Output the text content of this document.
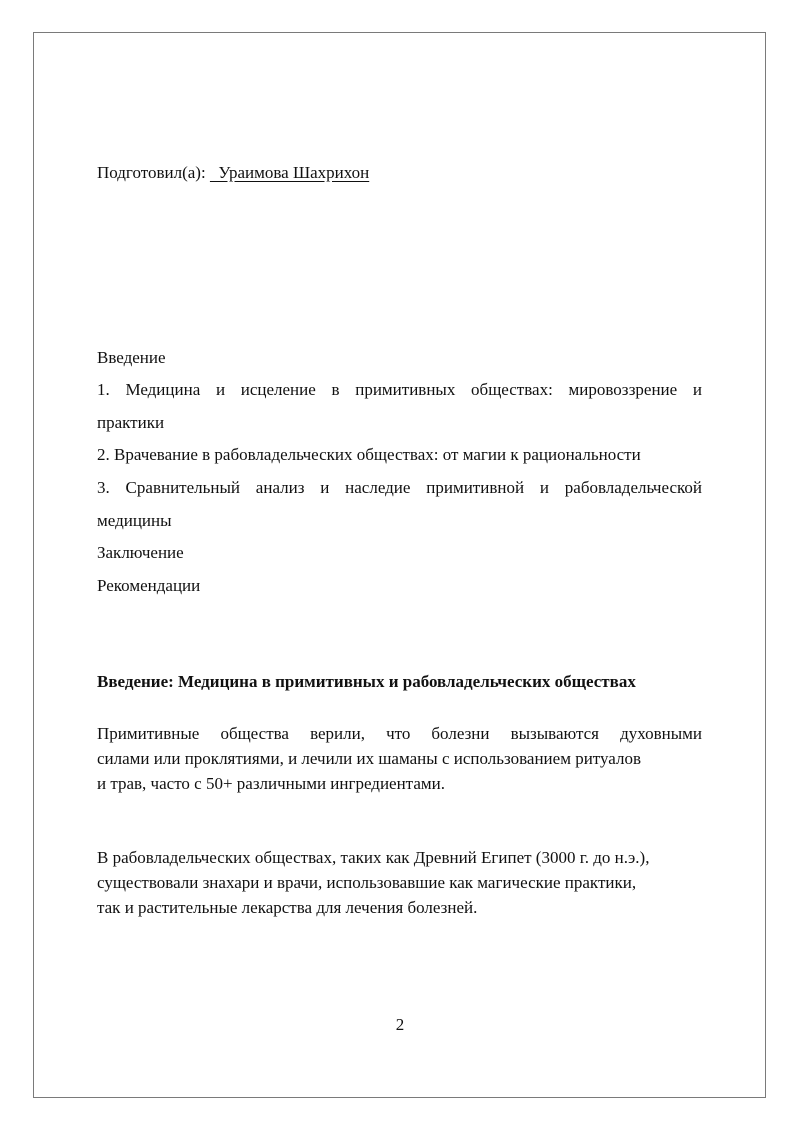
Подготовил(а):   Ураимова Шахрихон
Введение
1. Медицина и исцеление в примитивных обществах: мировоззрение и
практики
2. Врачевание в рабовладельческих обществах: от магии к рациональности
3. Сравнительный анализ и наследие примитивной и рабовладельческой
медицины
Заключение
Рекомендации
Введение: Медицина в примитивных и рабовладельческих обществах
Примитивные общества верили, что болезни вызываются духовными
силами или проклятиями, и лечили их шаманы с использованием ритуалов
и трав, часто с 50+ различными ингредиентами.
В рабовладельческих обществах, таких как Древний Египет (3000 г. до н.э.),
существовали знахари и врачи, использовавшие как магические практики,
так и растительные лекарства для лечения болезней.
2
